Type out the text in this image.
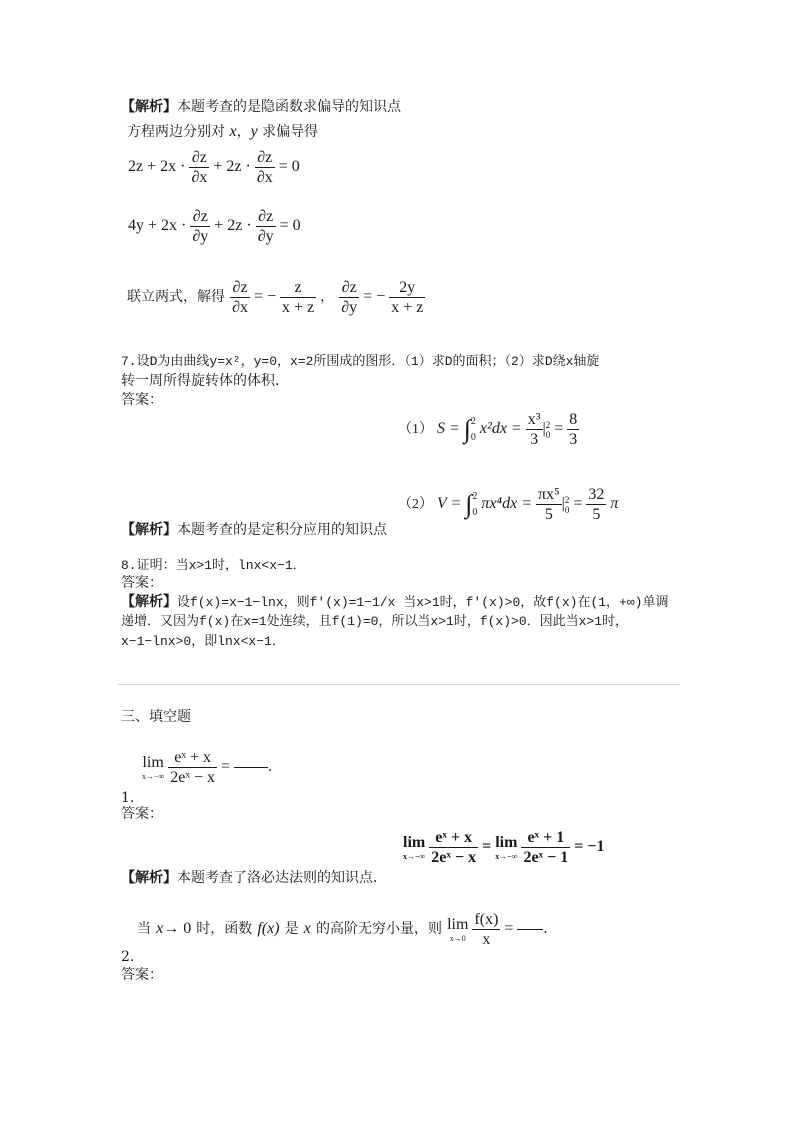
【解析】本题考查的是隐函数求偏导的知识点
方程两边分别对 x，y 求偏导得
$2z + 2x \cdot \frac{\partial z}{\partial x} + 2z \cdot \frac{\partial z}{\partial x} = 0$
$4y + 2x \cdot \frac{\partial z}{\partial y} + 2z \cdot \frac{\partial z}{\partial y} = 0$
联立两式，解得 $\frac{\partial z}{\partial x}$ = − $\frac{z}{x + z}$ ， $\frac{\partial z}{\partial y}$ = − $\frac{2y}{x + z}$
7.设D为由曲线y=x²，y=0，x=2所围成的图形．（1）求D的面积；（2）求D绕x轴旋
转一周所得旋转体的体积．
答案：
（1） S = ∫ 2
0 $x^2dx = \frac{\text{x³}}{3}$ | 2
$0 = \frac{8}{3}$
（2） V = ∫ 2
0 $\pi x^4dx = \frac{\text{πx⁵}}{5}$ | 2
$0 = \frac{32}{5}$ π
【解析】本题考查的是定积分应用的知识点
8.证明：当x>1时，lnx<x−1．
答案：
【解析】设f(x)=x−1−lnx，则f′(x)=1−1/x 当x>1时，f′(x)>0，故f(x)在(1，+∞)单调
递增．又因为f(x)在x=1处连续，且f(1)=0，所以当x>1时，f(x)>0．因此当x>1时，
x−1−lnx>0，即lnx<x−1．
三、填空题
lim
x→−∞
$\frac{\text{eˣ + x}}{\text{2eˣ − x}}$ = .
1.
答案：
lim
x→−∞
$\frac{\text{eˣ + x}}{\text{2eˣ − x}} = \lim$
x→−∞
$\frac{\text{eˣ + 1}}{\text{2eˣ − 1}} = -1$
【解析】本题考查了洛必达法则的知识点．
当 x→ 0 时，函数 f(x) 是 x 的高阶无穷小量，则 lim
x→0
$\frac{f(x)}{x}$ = .
2.
答案：
